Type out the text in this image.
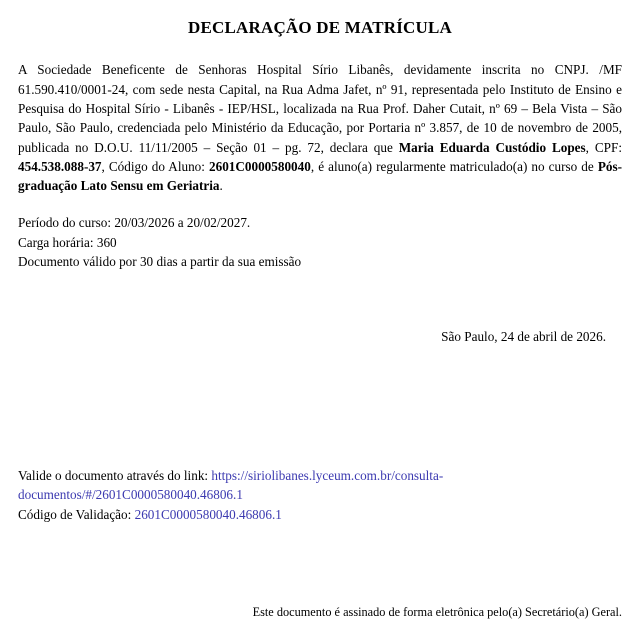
DECLARAÇÃO DE MATRÍCULA

A Sociedade Beneficente de Senhoras Hospital Sírio Libanês, devidamente inscrita no CNPJ. /MF 61.590.410/0001-24, com sede nesta Capital, na Rua Adma Jafet, nº 91, representada pelo Instituto de Ensino e Pesquisa do Hospital Sírio - Libanês - IEP/HSL, localizada na Rua Prof. Daher Cutait, nº 69 – Bela Vista – São Paulo, São Paulo, credenciada pelo Ministério da Educação, por Portaria nº 3.857, de 10 de novembro de 2005, publicada no D.O.U. 11/11/2005 – Seção 01 – pg. 72, declara que Maria Eduarda Custódio Lopes, CPF: 454.538.088-37, Código do Aluno: 2601C0000580040, é aluno(a) regularmente matriculado(a) no curso de Pós-graduação Lato Sensu em Geriatria.

Período do curso: 20/03/2026 a 20/02/2027.

Carga horária: 360

Documento válido por 30 dias a partir da sua emissão

São Paulo, 24 de abril de 2026.

Valide o documento através do link: https://siriolibanes.lyceum.com.br/consulta-

documentos/#/2601C0000580040.46806.1

Código de Validação: 2601C0000580040.46806.1

Este documento é assinado de forma eletrônica pelo(a) Secretário(a) Geral.
